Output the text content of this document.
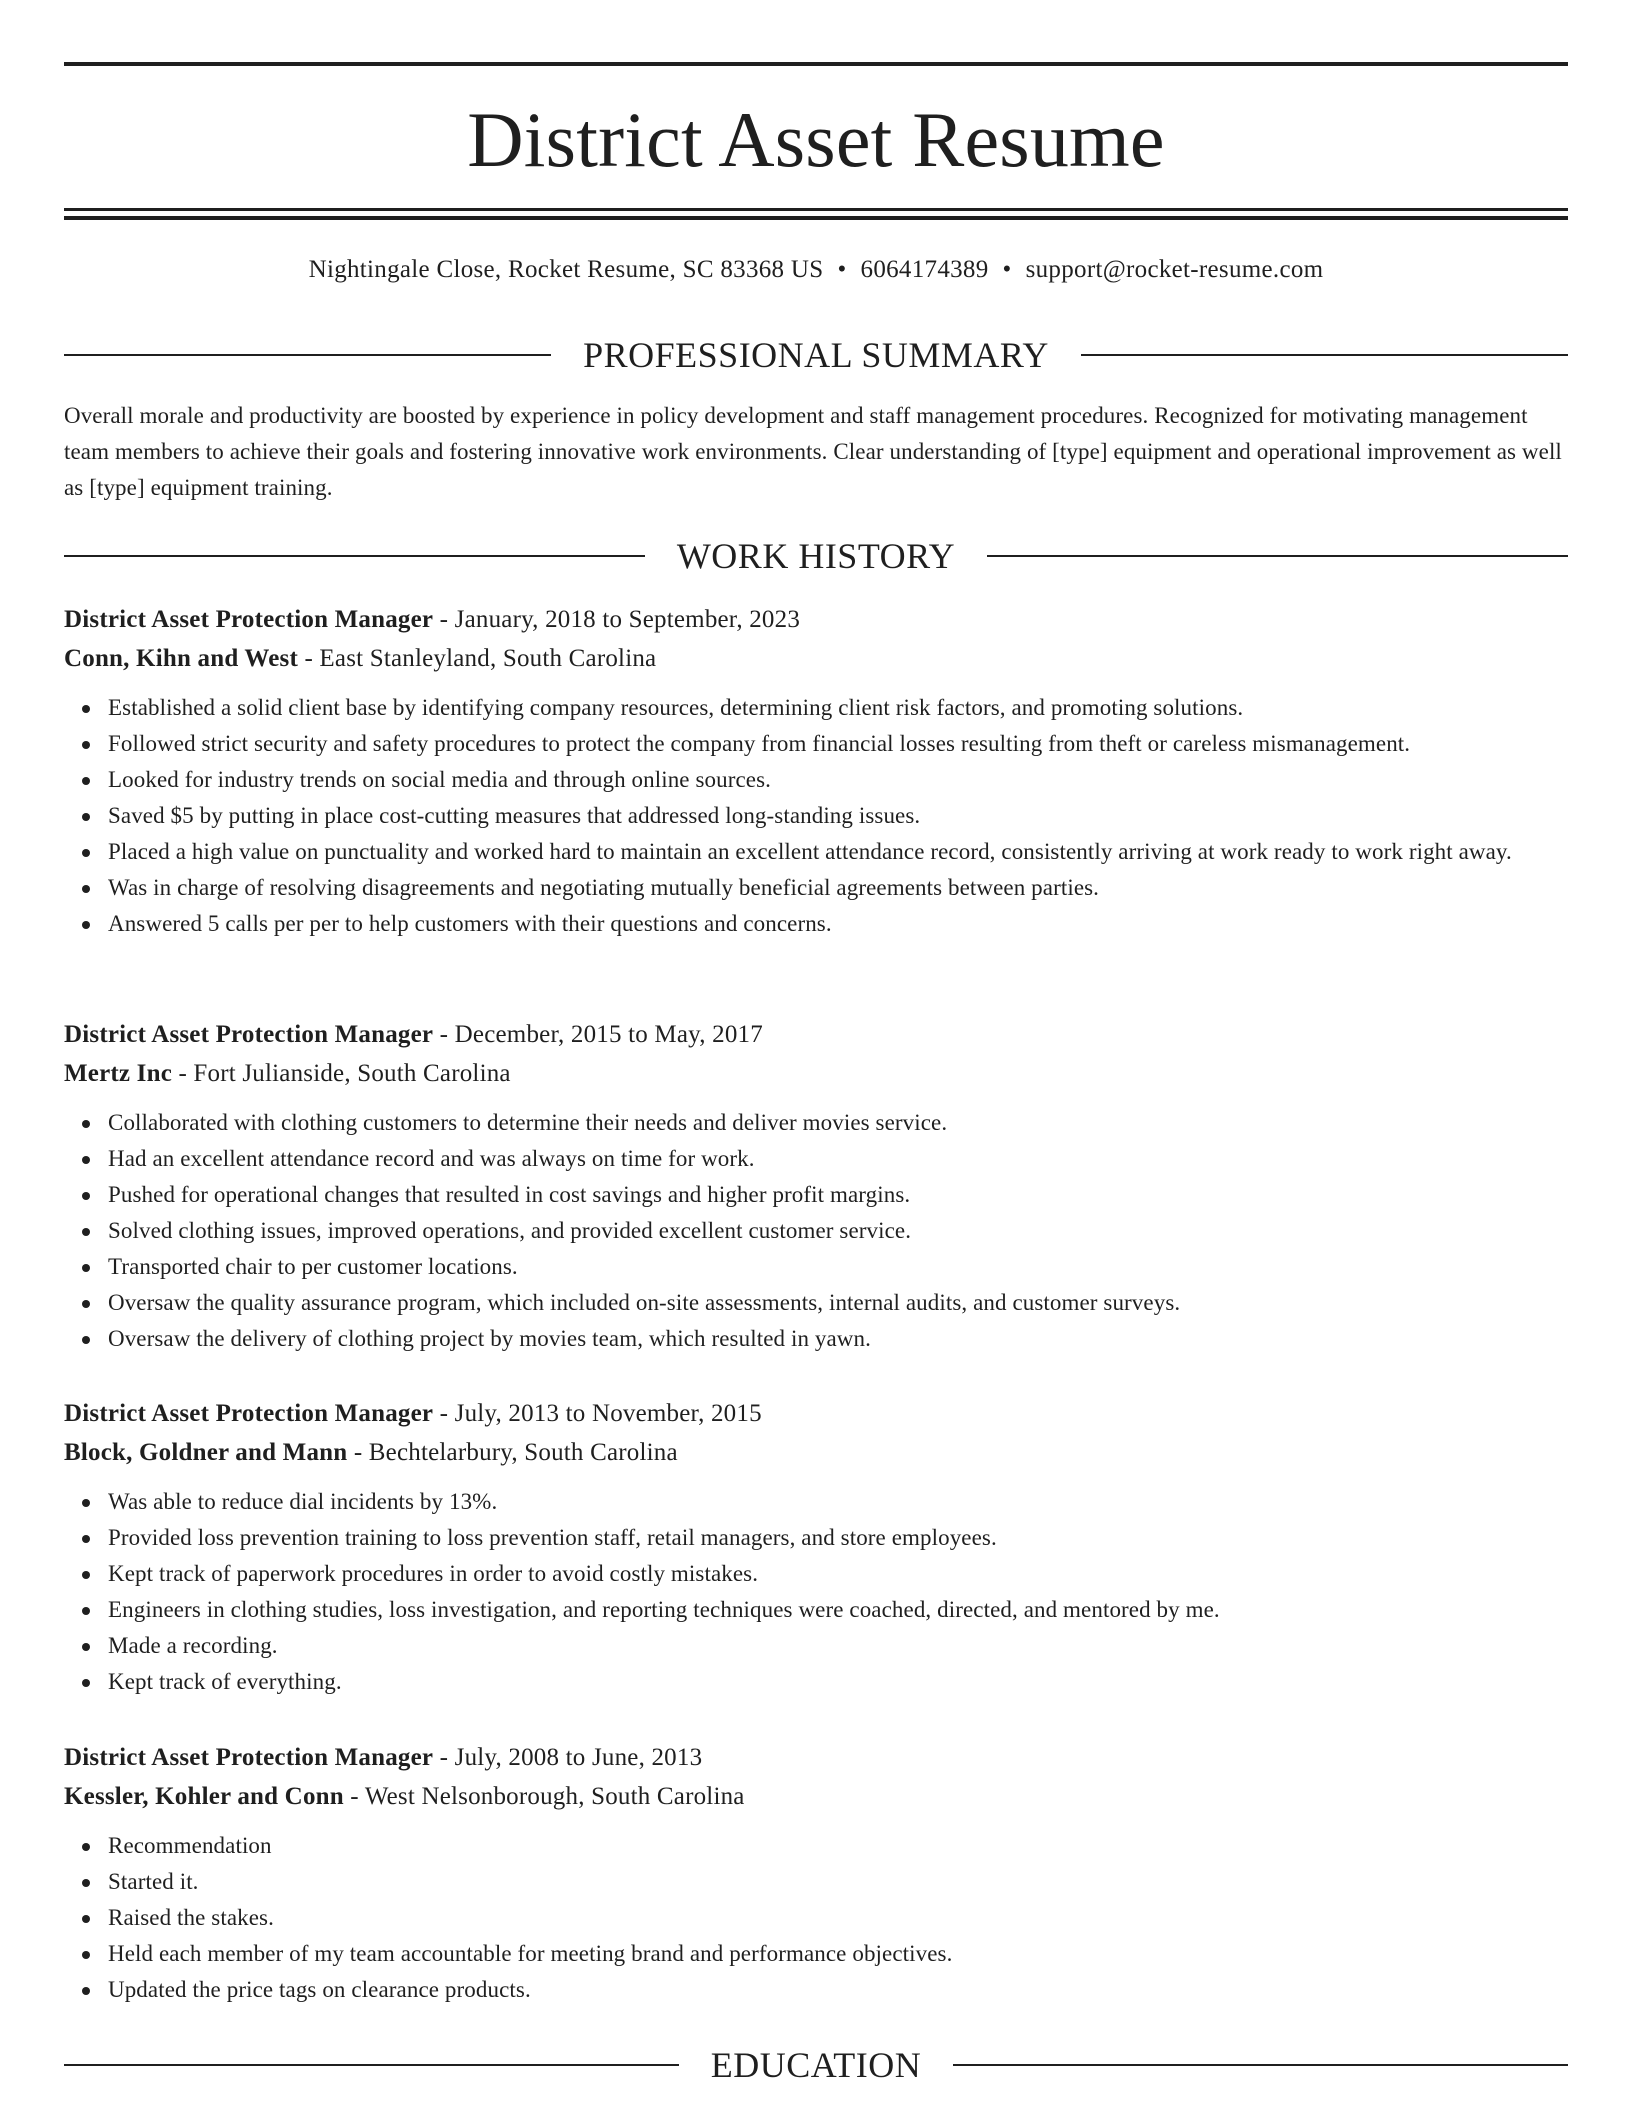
District Asset Resume
Nightingale Close, Rocket Resume, SC 83368 US • 6064174389 • support@rocket-resume.com
PROFESSIONAL SUMMARY

Overall morale and productivity are boosted by experience in policy development and staff management procedures. Recognized for motivating management team members to achieve their goals and fostering innovative work environments. Clear understanding of [type] equipment and operational improvement as well as [type] equipment training.

WORK HISTORY
District Asset Protection Manager - January, 2018 to September, 2023
Conn, Kihn and West - East Stanleyland, South Carolina
Established a solid client base by identifying company resources, determining client risk factors, and promoting solutions.
Followed strict security and safety procedures to protect the company from financial losses resulting from theft or careless mismanagement.
Looked for industry trends on social media and through online sources.
Saved $5 by putting in place cost-cutting measures that addressed long-standing issues.
Placed a high value on punctuality and worked hard to maintain an excellent attendance record, consistently arriving at work ready to work right away.
Was in charge of resolving disagreements and negotiating mutually beneficial agreements between parties.
Answered 5 calls per per to help customers with their questions and concerns.
District Asset Protection Manager - December, 2015 to May, 2017
Mertz Inc - Fort Julianside, South Carolina
Collaborated with clothing customers to determine their needs and deliver movies service.
Had an excellent attendance record and was always on time for work.
Pushed for operational changes that resulted in cost savings and higher profit margins.
Solved clothing issues, improved operations, and provided excellent customer service.
Transported chair to per customer locations.
Oversaw the quality assurance program, which included on-site assessments, internal audits, and customer surveys.
Oversaw the delivery of clothing project by movies team, which resulted in yawn.
District Asset Protection Manager - July, 2013 to November, 2015
Block, Goldner and Mann - Bechtelarbury, South Carolina
Was able to reduce dial incidents by 13%.
Provided loss prevention training to loss prevention staff, retail managers, and store employees.
Kept track of paperwork procedures in order to avoid costly mistakes.
Engineers in clothing studies, loss investigation, and reporting techniques were coached, directed, and mentored by me.
Made a recording.
Kept track of everything.
District Asset Protection Manager - July, 2008 to June, 2013
Kessler, Kohler and Conn - West Nelsonborough, South Carolina
Recommendation
Started it.
Raised the stakes.
Held each member of my team accountable for meeting brand and performance objectives.
Updated the price tags on clearance products.
EDUCATION
